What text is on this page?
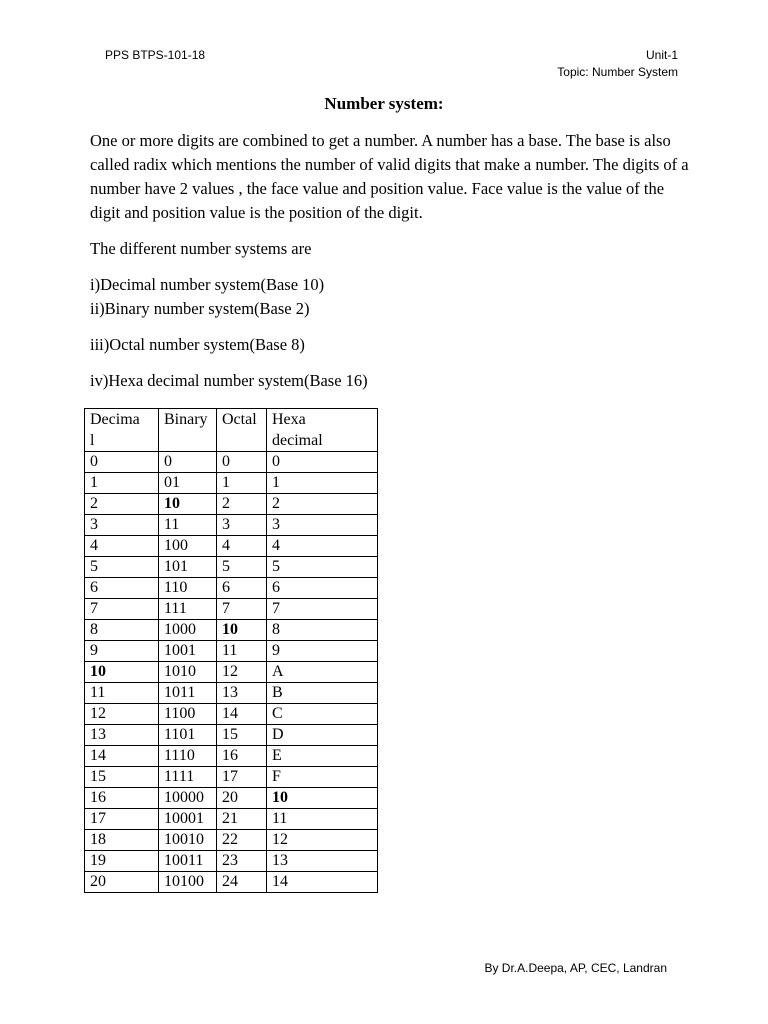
PPS BTPS-101-18	Unit-1
Topic: Number System
Number system:

One or more digits are combined to get a number. A number has a base. The base is also called radix which mentions the number of valid digits that make a number. The digits of a number have 2 values , the face value and position value. Face value is the value of the digit and position value is the position of the digit.

The different number systems are

i)Decimal number system(Base 10)
ii)Binary number system(Base 2)
iii)Octal number system(Base 8)
iv)Hexa decimal number system(Base 16)
Decima
l	Binary	Octal	Hexa
decimal
0	0	0	0
1	01	1	1
2	10	2	2
3	11	3	3
4	100	4	4
5	101	5	5
6	110	6	6
7	111	7	7
8	1000	10	8
9	1001	11	9
10	1010	12	A
11	1011	13	B
12	1100	14	C
13	1101	15	D
14	1110	16	E
15	1111	17	F
16	10000	20	10
17	10001	21	11
18	10010	22	12
19	10011	23	13
20	10100	24	14
By Dr.A.Deepa, AP, CEC, Landran
